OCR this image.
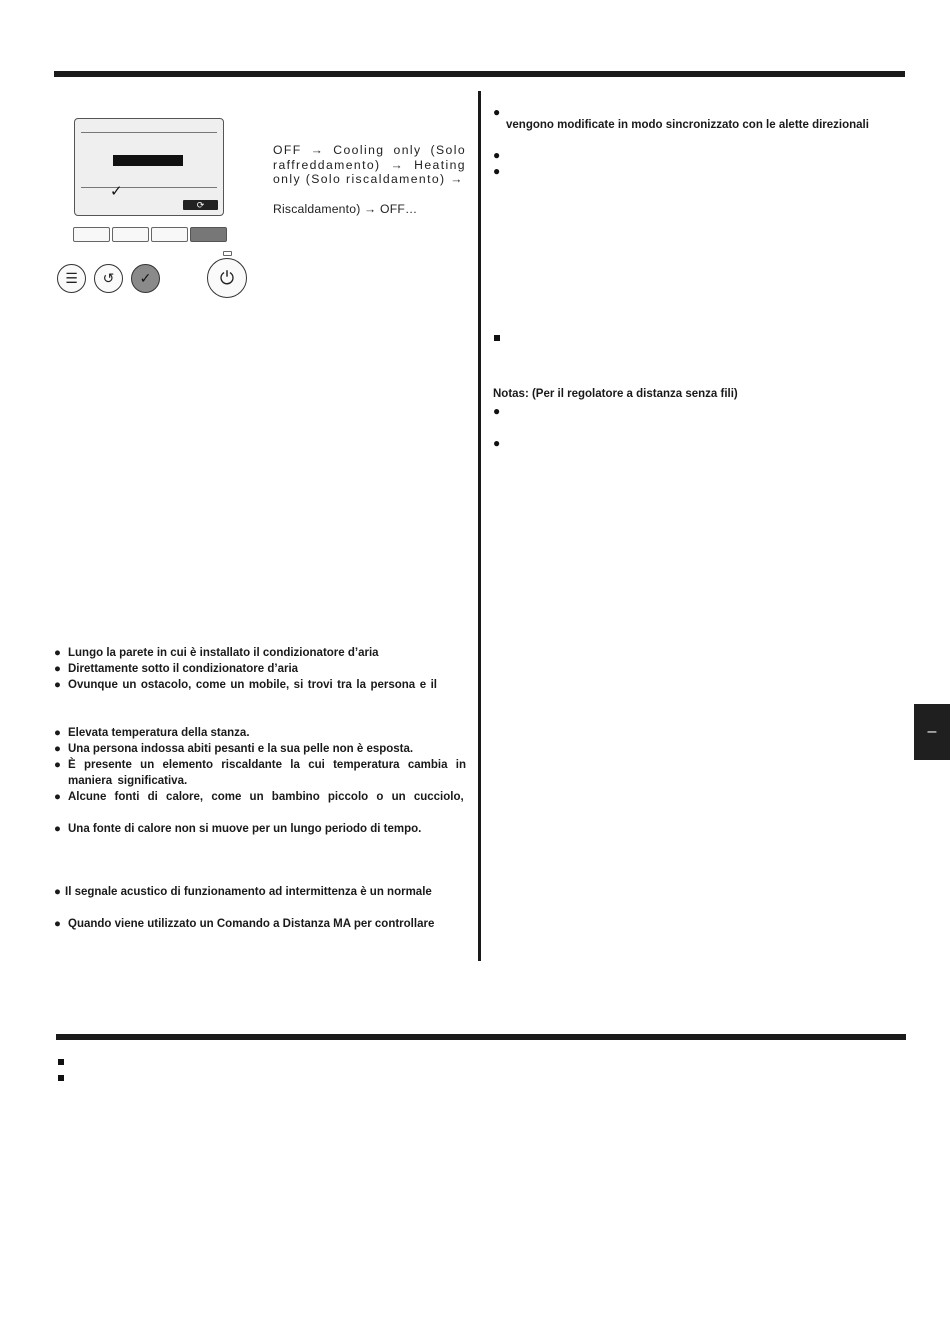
✓
⟳
☰	↺	✓	⏻
OFF → Cooling only (Solo raffreddamento) → Heating only (Solo riscaldamento) →
Riscaldamento) → OFF…
● Lungo la parete in cui è installato il condizionatore d’aria
● Direttamente sotto il condizionatore d’aria
● Ovunque un ostacolo, come un mobile, si trovi tra la persona e il
● Elevata temperatura della stanza.
● Una persona indossa abiti pesanti e la sua pelle non è esposta.
● È presente un elemento riscaldante la cui temperatura cambia in maniera significativa.
● Alcune fonti di calore, come un bambino piccolo o un cucciolo,
● Una fonte di calore non si muove per un lungo periodo di tempo.
● Il segnale acustico di funzionamento ad intermittenza è un normale
● Quando viene utilizzato un Comando a Distanza MA per controllare
●
vengono modificate in modo sincronizzato con le alette direzionali
●
●
Notas: (Per il regolatore a distanza senza fili)
●
●
–
